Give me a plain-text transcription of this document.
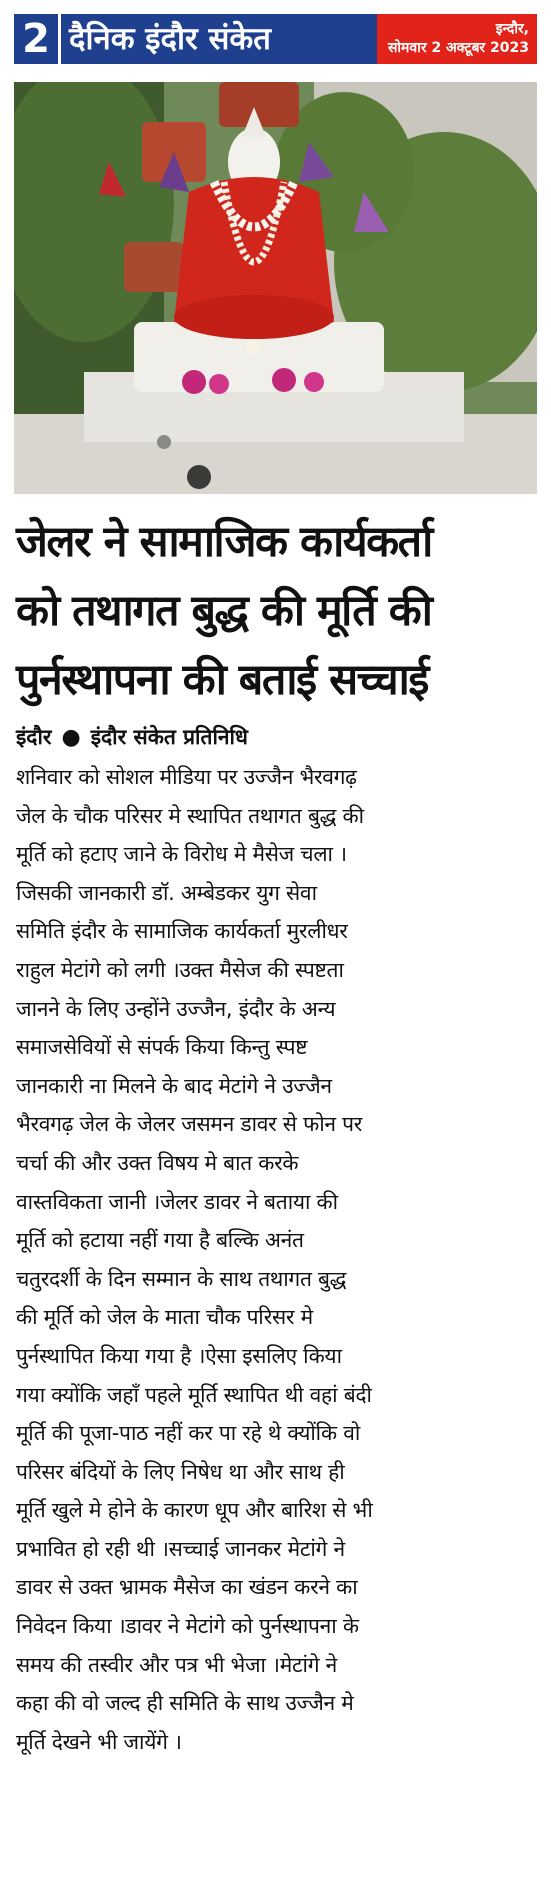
2 दैनिक इंदौर संकेत	इन्दौर,
सोमवार 2 अक्टूबर 2023
जेलर ने सामाजिक कार्यकर्ता
को तथागत बुद्ध की मूर्ति की
पुर्नस्थापना की बताई सच्चाई
इंदौर ● इंदौर संकेत प्रतिनिधि
शनिवार को सोशल मीडिया पर उज्जैन भैरवगढ़
जेल के चौक परिसर मे स्थापित तथागत बुद्ध की
मूर्ति को हटाए जाने के विरोध मे मैसेज चला ।
जिसकी जानकारी डॉ. अम्बेडकर युग सेवा
समिति इंदौर के सामाजिक कार्यकर्ता मुरलीधर
राहुल मेटांगे को लगी ।उक्त मैसेज की स्पष्टता
जानने के लिए उन्होंने उज्जैन, इंदौर के अन्य
समाजसेवियों से संपर्क किया किन्तु स्पष्ट
जानकारी ना मिलने के बाद मेटांगे ने उज्जैन
भैरवगढ़ जेल के जेलर जसमन डावर से फोन पर
चर्चा की और उक्त विषय मे बात करके
वास्तविकता जानी ।जेलर डावर ने बताया की
मूर्ति को हटाया नहीं गया है बल्कि अनंत
चतुरदर्शी के दिन सम्मान के साथ तथागत बुद्ध
की मूर्ति को जेल के माता चौक परिसर मे
पुर्नस्थापित किया गया है ।ऐसा इसलिए किया
गया क्योंकि जहाँ पहले मूर्ति स्थापित थी वहां बंदी
मूर्ति की पूजा-पाठ नहीं कर पा रहे थे क्योंकि वो
परिसर बंदियों के लिए निषेध था और साथ ही
मूर्ति खुले मे होने के कारण धूप और बारिश से भी
प्रभावित हो रही थी ।सच्चाई जानकर मेटांगे ने
डावर से उक्त भ्रामक मैसेज का खंडन करने का
निवेदन किया ।डावर ने मेटांगे को पुर्नस्थापना के
समय की तस्वीर और पत्र भी भेजा ।मेटांगे ने
कहा की वो जल्द ही समिति के साथ उज्जैन मे
मूर्ति देखने भी जायेंगे ।
